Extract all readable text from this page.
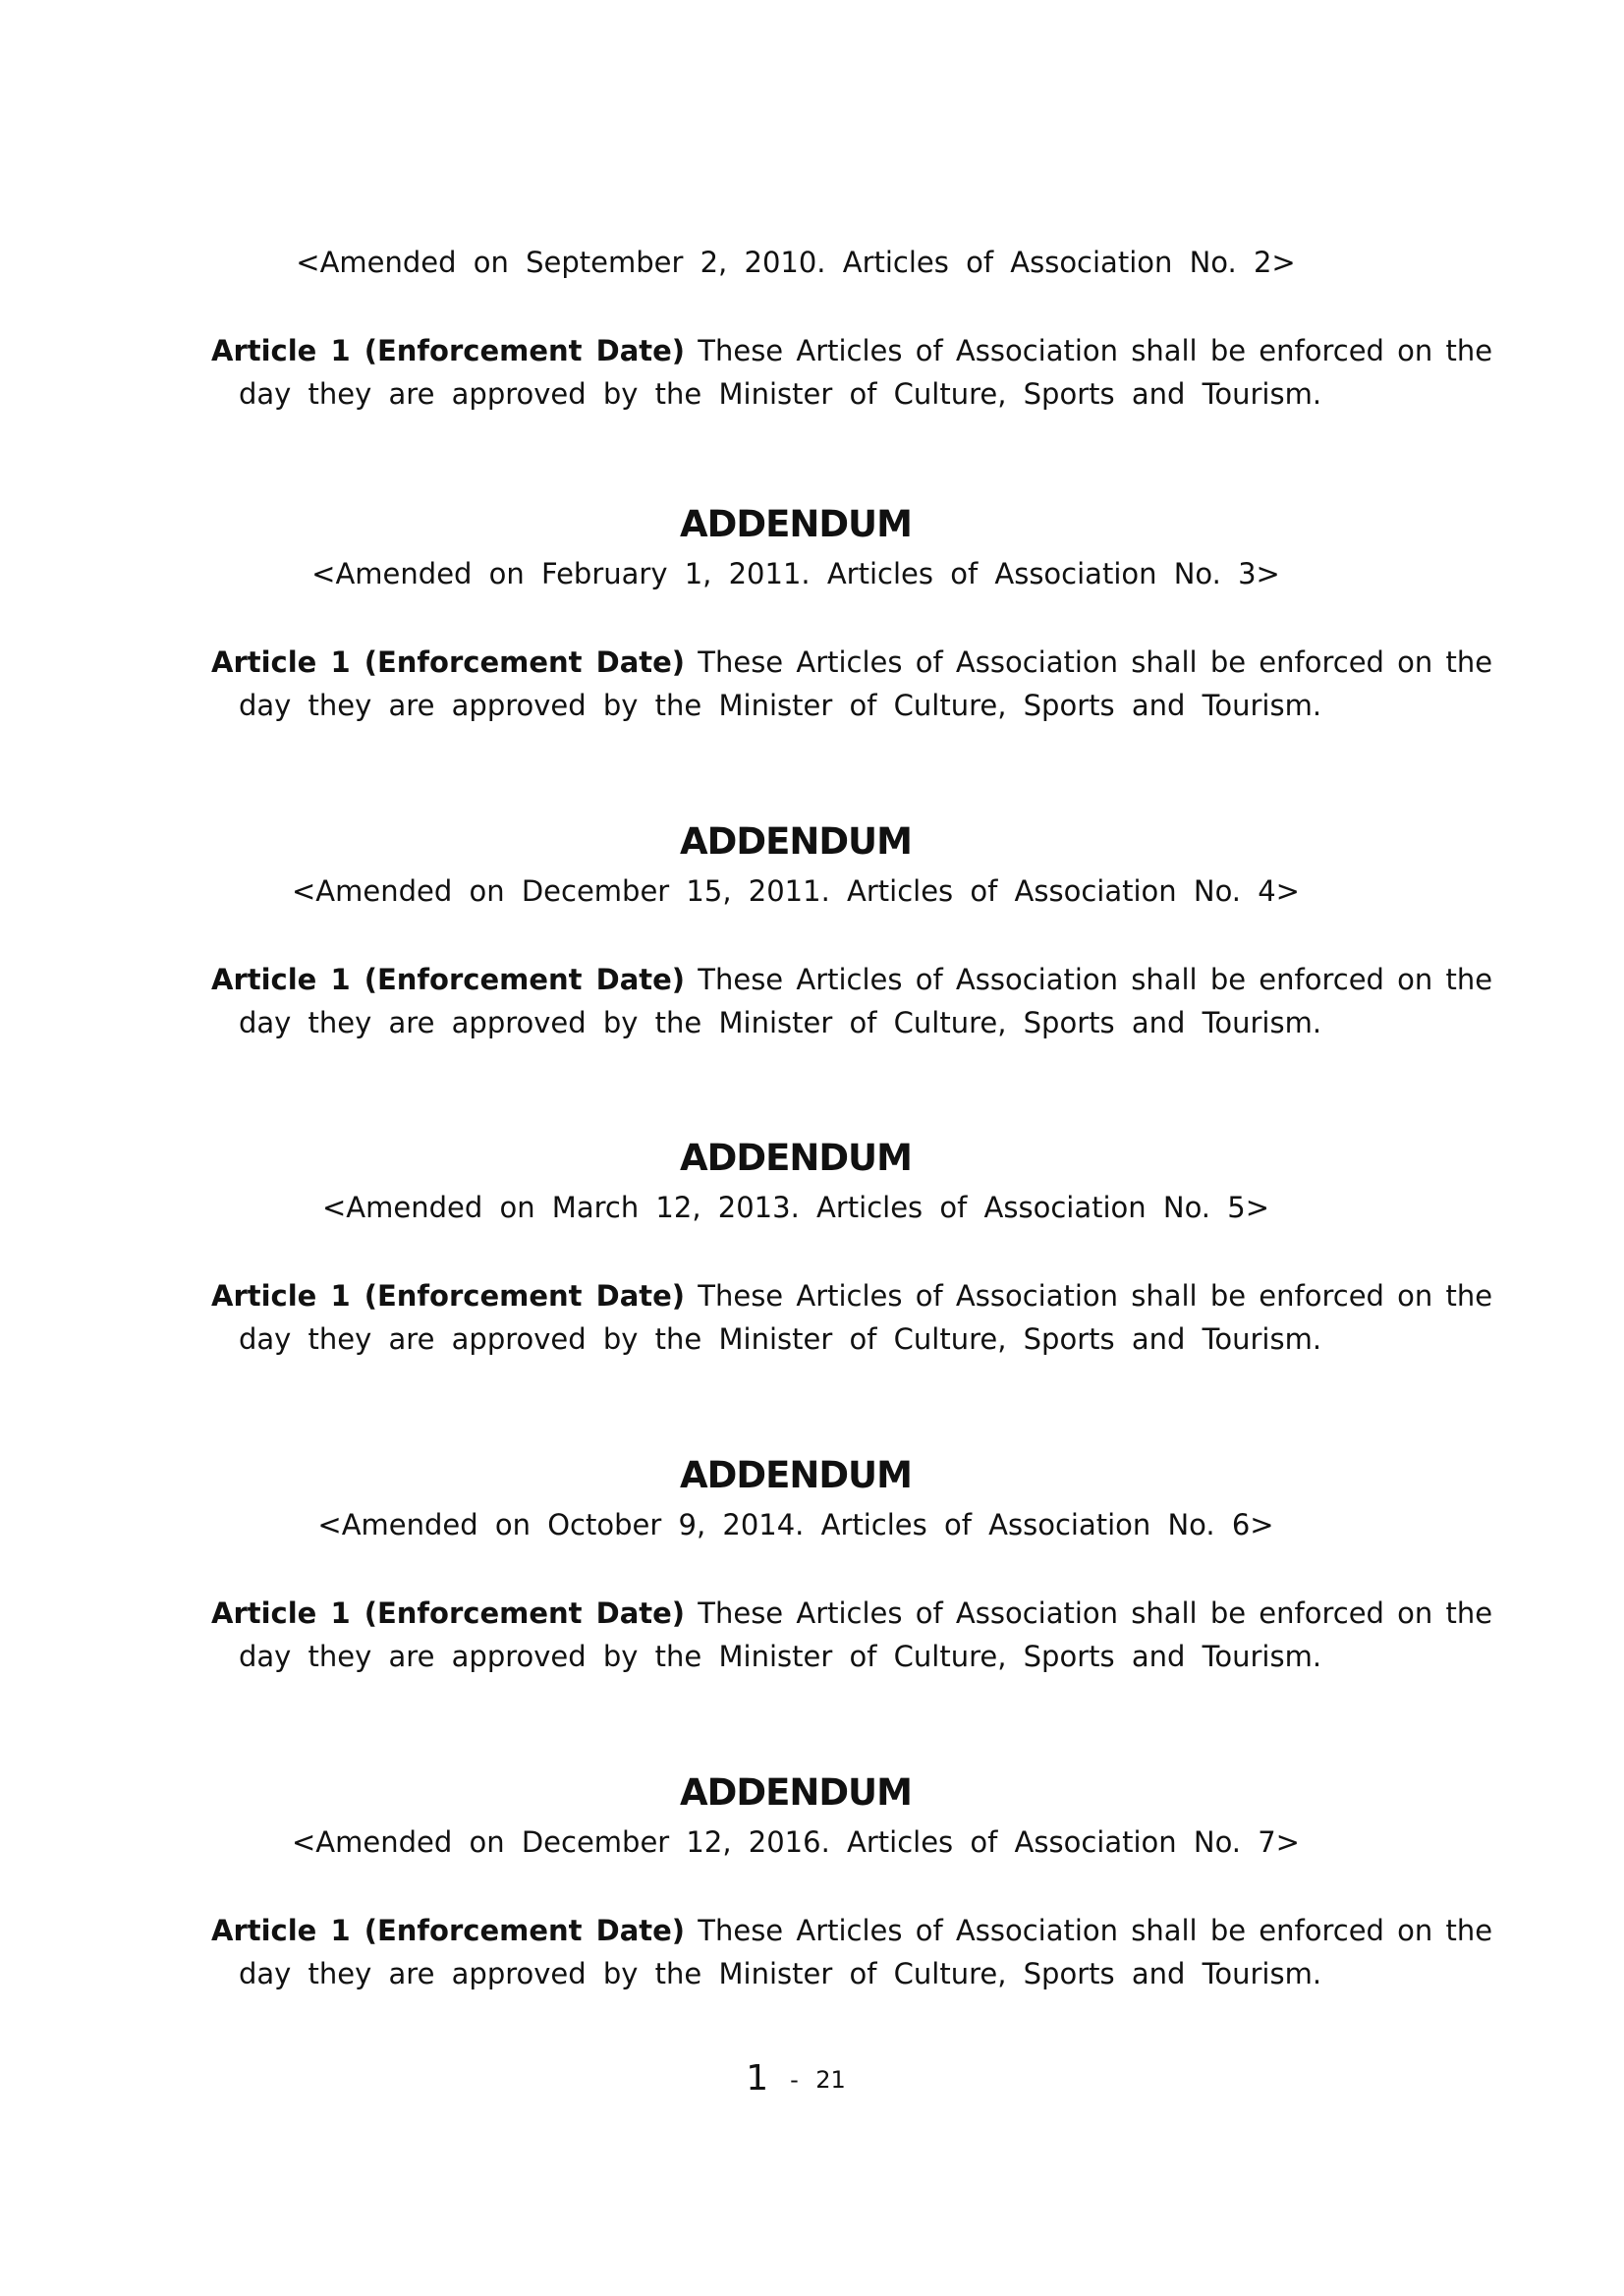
<Amended on September 2, 2010. Articles of Association No. 2>
Article 1 (Enforcement Date) These Articles of Association shall be enforced on the
day they are approved by the Minister of Culture, Sports and Tourism.
ADDENDUM
<Amended on February 1, 2011. Articles of Association No. 3>
Article 1 (Enforcement Date) These Articles of Association shall be enforced on the
day they are approved by the Minister of Culture, Sports and Tourism.
ADDENDUM
<Amended on December 15, 2011. Articles of Association No. 4>
Article 1 (Enforcement Date) These Articles of Association shall be enforced on the
day they are approved by the Minister of Culture, Sports and Tourism.
ADDENDUM
<Amended on March 12, 2013. Articles of Association No. 5>
Article 1 (Enforcement Date) These Articles of Association shall be enforced on the
day they are approved by the Minister of Culture, Sports and Tourism.
ADDENDUM
<Amended on October 9, 2014. Articles of Association No. 6>
Article 1 (Enforcement Date) These Articles of Association shall be enforced on the
day they are approved by the Minister of Culture, Sports and Tourism.
ADDENDUM
<Amended on December 12, 2016. Articles of Association No. 7>
Article 1 (Enforcement Date) These Articles of Association shall be enforced on the
day they are approved by the Minister of Culture, Sports and Tourism.
1 - 21
